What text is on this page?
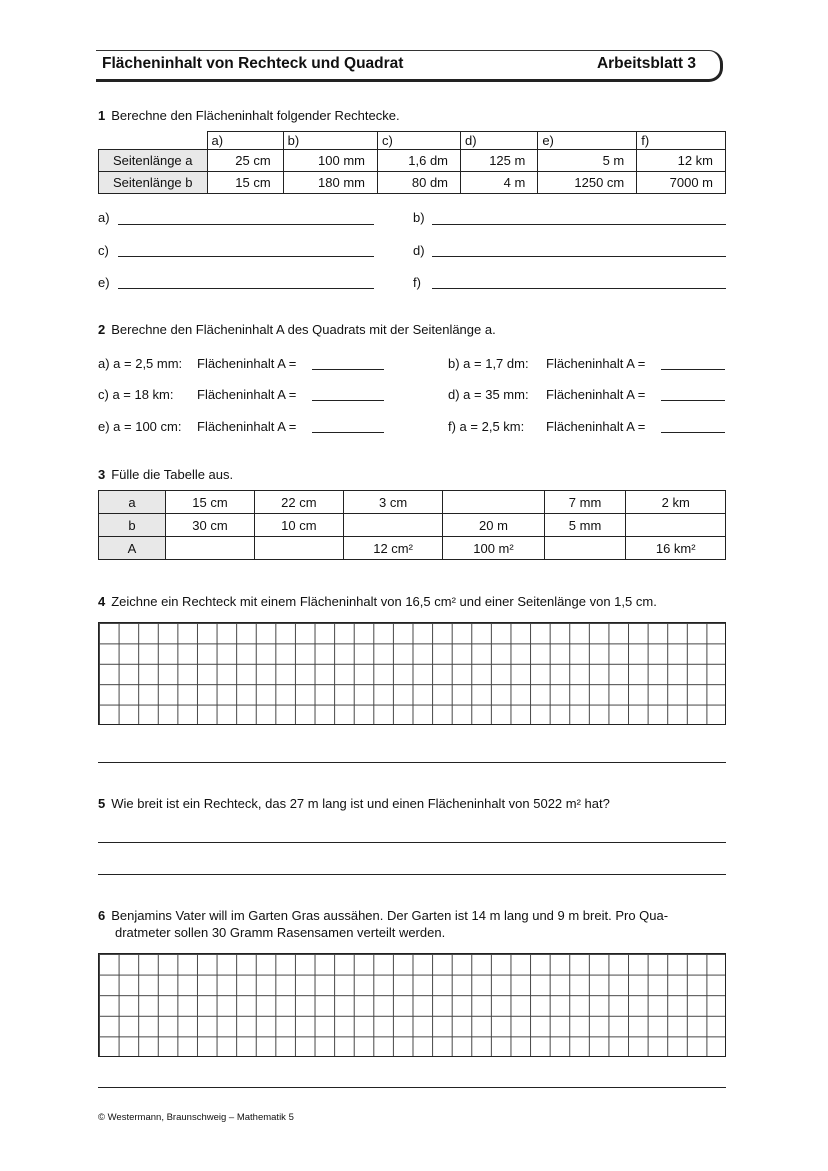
Flächeninhalt von Rechteck und Quadrat	Arbeitsblatt 3
1 Berechne den Flächeninhalt folgender Rechtecke.
	a)	b)	c)	d)	e)	f)
Seitenlänge a	25 cm	100 mm	1,6 dm	125 m	5 m	12 km
Seitenlänge b	15 cm	180 mm	80 dm	4 m	1250 cm	7000 m
a)	b)
c)	d)
e)	f)
2 Berechne den Flächeninhalt A des Quadrats mit der Seitenlänge a.
a) a = 2,5 mm: Flächeninhalt A =	b) a = 1,7 dm: Flächeninhalt A =
c) a = 18 km: Flächeninhalt A =	d) a = 35 mm: Flächeninhalt A =
e) a = 100 cm: Flächeninhalt A =	f) a = 2,5 km: Flächeninhalt A =
3 Fülle die Tabelle aus.
a	15 cm	22 cm	3 cm		7 mm	2 km
b	30 cm	10 cm		20 m	5 mm	
A			12 cm²	100 m²		16 km²
4 Zeichne ein Rechteck mit einem Flächeninhalt von 16,5 cm² und einer Seitenlänge von 1,5 cm.
5 Wie breit ist ein Rechteck, das 27 m lang ist und einen Flächeninhalt von 5022 m² hat?
6 Benjamins Vater will im Garten Gras aussähen. Der Garten ist 14 m lang und 9 m breit. Pro Qua-
dratmeter sollen 30 Gramm Rasensamen verteilt werden.
© Westermann, Braunschweig – Mathematik 5
